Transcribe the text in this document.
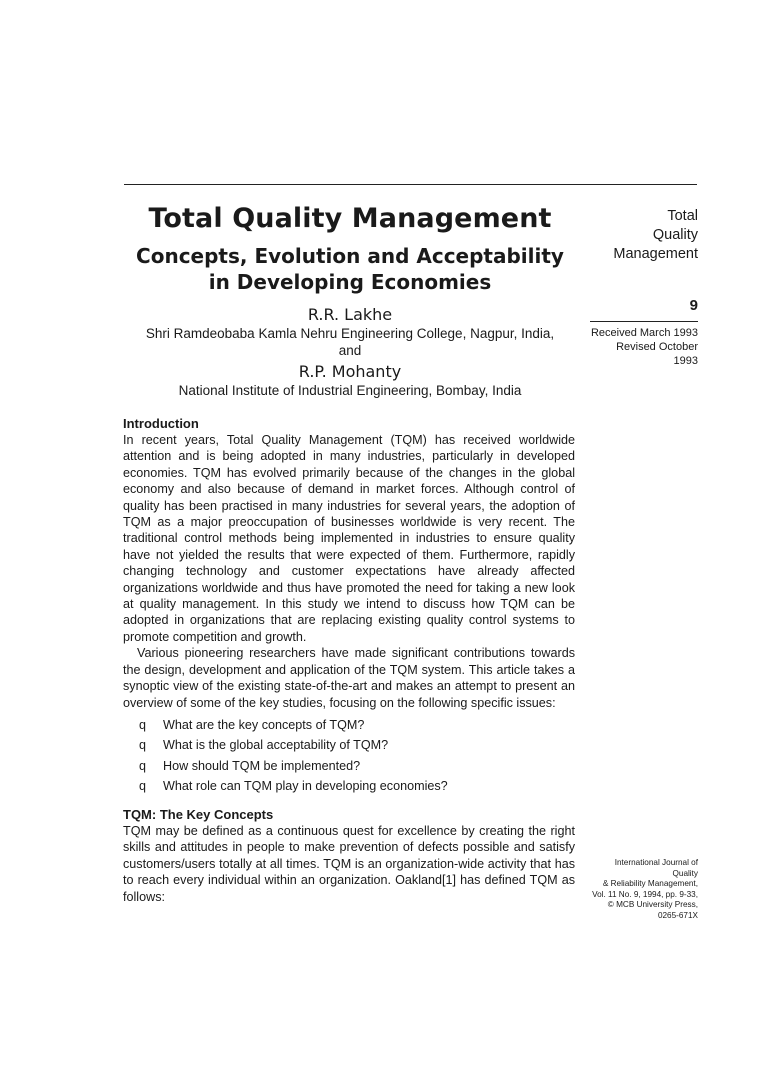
Total Quality Management
Concepts, Evolution and Acceptability
in Developing Economies
R.R. Lakhe
Shri Ramdeobaba Kamla Nehru Engineering College, Nagpur, India,
and
R.P. Mohanty
National Institute of Industrial Engineering, Bombay, India
Total
Quality
Management
9
Received March 1993
Revised October 1993
International Journal of Quality
& Reliability Management,
Vol. 11 No. 9, 1994, pp. 9-33,
© MCB University Press,
0265-671X
Introduction

In recent years, Total Quality Management (TQM) has received worldwide attention and is being adopted in many industries, particularly in developed economies. TQM has evolved primarily because of the changes in the global economy and also because of demand in market forces. Although control of quality has been practised in many industries for several years, the adoption of TQM as a major preoccupation of businesses worldwide is very recent. The traditional control methods being implemented in industries to ensure quality have not yielded the results that were expected of them. Furthermore, rapidly changing technology and customer expectations have already affected organizations worldwide and thus have promoted the need for taking a new look at quality management. In this study we intend to discuss how TQM can be adopted in organizations that are replacing existing quality control systems to promote competition and growth.

Various pioneering researchers have made significant contributions towards the design, development and application of the TQM system. This article takes a synoptic view of the existing state-of-the-art and makes an attempt to present an overview of some of the key studies, focusing on the following specific issues:

q What are the key concepts of TQM?
q What is the global acceptability of TQM?
q How should TQM be implemented?
q What role can TQM play in developing economies?
TQM: The Key Concepts

TQM may be defined as a continuous quest for excellence by creating the right skills and attitudes in people to make prevention of defects possible and satisfy customers/users totally at all times. TQM is an organization-wide activity that has to reach every individual within an organization. Oakland[1] has defined TQM as follows:
